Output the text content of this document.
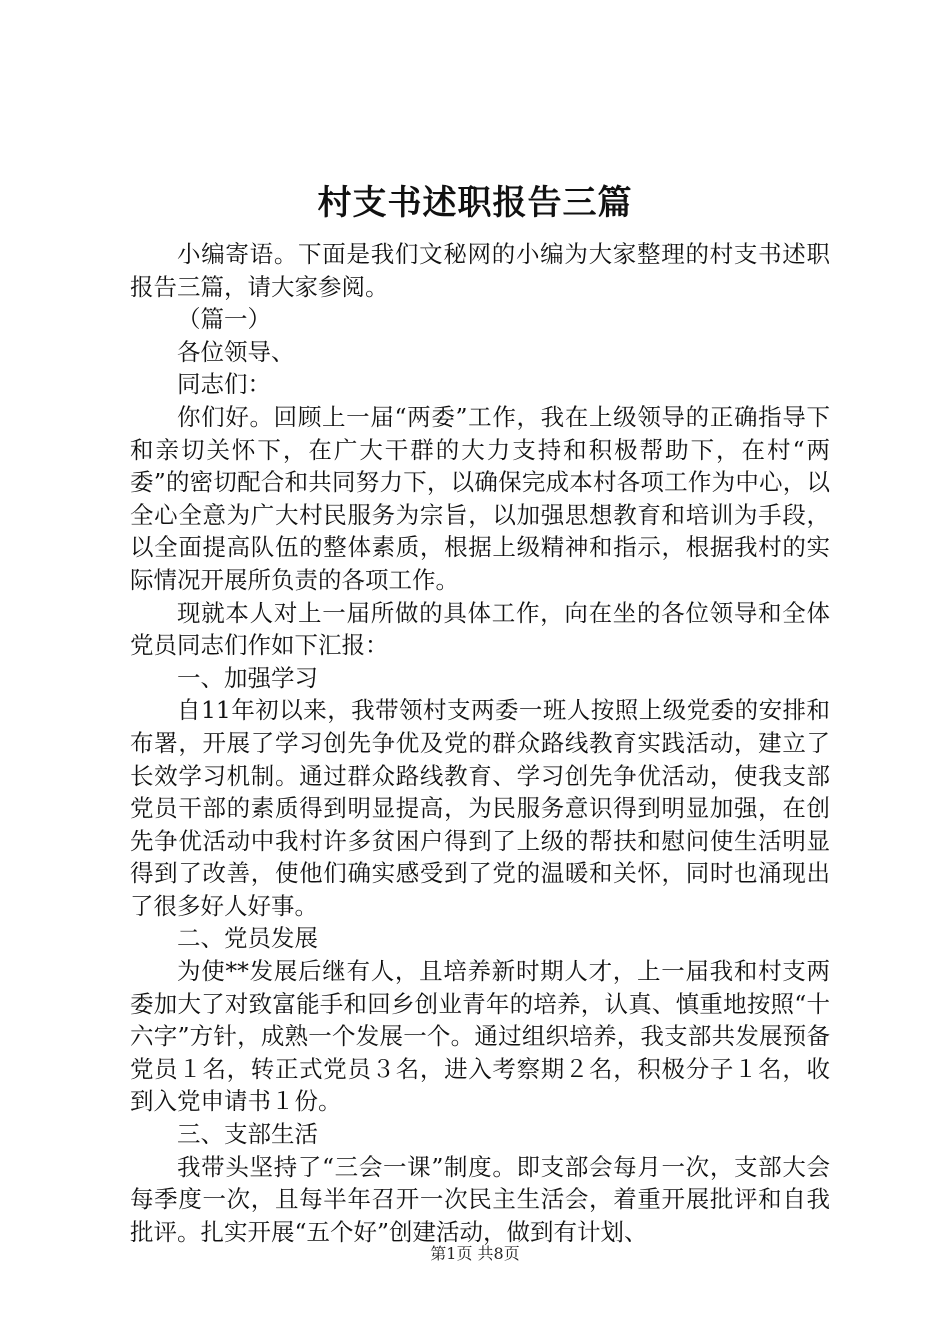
村支书述职报告三篇

小编寄语。下面是我们文秘网的小编为大家整理的村支书述职报告三篇，请大家参阅。

（篇一）

各位领导、

同志们：

你们好。回顾上一届“两委”工作，我在上级领导的正确指导下和亲切关怀下，在广大干群的大力支持和积极帮助下，在村“两委”的密切配合和共同努力下，以确保完成本村各项工作为中心，以全心全意为广大村民服务为宗旨，以加强思想教育和培训为手段，以全面提高队伍的整体素质，根据上级精神和指示，根据我村的实际情况开展所负责的各项工作。

现就本人对上一届所做的具体工作，向在坐的各位领导和全体党员同志们作如下汇报：

一、加强学习

自11年初以来，我带领村支两委一班人按照上级党委的安排和布署，开展了学习创先争优及党的群众路线教育实践活动，建立了长效学习机制。通过群众路线教育、学习创先争优活动，使我支部党员干部的素质得到明显提高，为民服务意识得到明显加强，在创先争优活动中我村许多贫困户得到了上级的帮扶和慰问使生活明显得到了改善，使他们确实感受到了党的温暖和关怀，同时也涌现出了很多好人好事。

二、党员发展

为使**发展后继有人，且培养新时期人才，上一届我和村支两委加大了对致富能手和回乡创业青年的培养，认真、慎重地按照“十六字”方针，成熟一个发展一个。通过组织培养，我支部共发展预备党员１名，转正式党员３名，进入考察期２名，积极分子１名，收到入党申请书１份。

三、支部生活

我带头坚持了“三会一课”制度。即支部会每月一次，支部大会每季度一次，且每半年召开一次民主生活会，着重开展批评和自我批评。扎实开展“五个好”创建活动，做到有计划、

第1页 共8页
